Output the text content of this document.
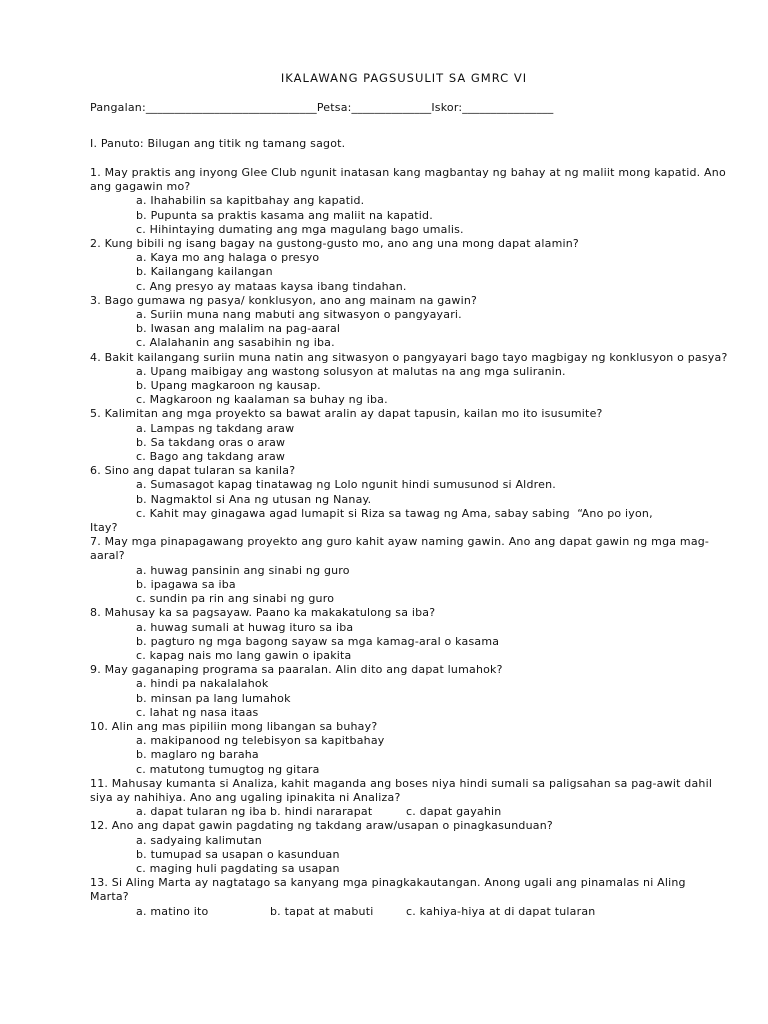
IKALAWANG PAGSUSULIT SA GMRC VI
Pangalan:______________________________Petsa:______________Iskor:________________
I. Panuto: Bilugan ang titik ng tamang sagot.

1. May praktis ang inyong Glee Club ngunit inatasan kang magbantay ng bahay at ng maliit mong kapatid. Ano ang gagawin mo?

a. Ihahabilin sa kapitbahay ang kapatid.
b. Pupunta sa praktis kasama ang maliit na kapatid.
c. Hihintaying dumating ang mga magulang bago umalis.

2. Kung bibili ng isang bagay na gustong-gusto mo, ano ang una mong dapat alamin?

a. Kaya mo ang halaga o presyo
b. Kailangang kailangan
c. Ang presyo ay mataas kaysa ibang tindahan.

3. Bago gumawa ng pasya/ konklusyon, ano ang mainam na gawin?

a. Suriin muna nang mabuti ang sitwasyon o pangyayari.
b. Iwasan ang malalim na pag-aaral
c. Alalahanin ang sasabihin ng iba.

4. Bakit kailangang suriin muna natin ang sitwasyon o pangyayari bago tayo magbigay ng konklusyon o pasya?

a. Upang maibigay ang wastong solusyon at malutas na ang mga suliranin.
b. Upang magkaroon ng kausap.
c. Magkaroon ng kaalaman sa buhay ng iba.

5. Kalimitan ang mga proyekto sa bawat aralin ay dapat tapusin, kailan mo ito isusumite?

a. Lampas ng takdang araw
b. Sa takdang oras o araw
c. Bago ang takdang araw

6. Sino ang dapat tularan sa kanila?

a. Sumasagot kapag tinatawag ng Lolo ngunit hindi sumusunod si Aldren.
b. Nagmaktol si Ana ng utusan ng Nanay.
c. Kahit may ginagawa agad lumapit si Riza sa tawag ng Ama, sabay sabing  “Ano po iyon,
Itay?

7. May mga pinapagawang proyekto ang guro kahit ayaw naming gawin. Ano ang dapat gawin ng mga mag-aaral?

a. huwag pansinin ang sinabi ng guro
b. ipagawa sa iba
c. sundin pa rin ang sinabi ng guro

8. Mahusay ka sa pagsayaw. Paano ka makakatulong sa iba?

a. huwag sumali at huwag ituro sa iba
b. pagturo ng mga bagong sayaw sa mga kamag-aral o kasama
c. kapag nais mo lang gawin o ipakita

9. May gaganaping programa sa paaralan. Alin dito ang dapat lumahok?

a. hindi pa nakalalahok
b. minsan pa lang lumahok
c. lahat ng nasa itaas

10. Alin ang mas pipiliin mong libangan sa buhay?

a. makipanood ng telebisyon sa kapitbahay
b. maglaro ng baraha
c. matutong tumugtog ng gitara

11. Mahusay kumanta si Analiza, kahit maganda ang boses niya hindi sumali sa paligsahan sa pag-awit dahil siya ay nahihiya. Ano ang ugaling ipinakita ni Analiza?

a. dapat tularan ng iba b. hindi nararapat	c. dapat gayahin

12. Ano ang dapat gawin pagdating ng takdang araw/usapan o pinagkasunduan?

a. sadyaing kalimutan
b. tumupad sa usapan o kasunduan
c. maging huli pagdating sa usapan

13. Si Aling Marta ay nagtatago sa kanyang mga pinagkakautangan. Anong ugali ang pinamalas ni Aling Marta?

a. matino ito	b. tapat at mabuti	c. kahiya-hiya at di dapat tularan
